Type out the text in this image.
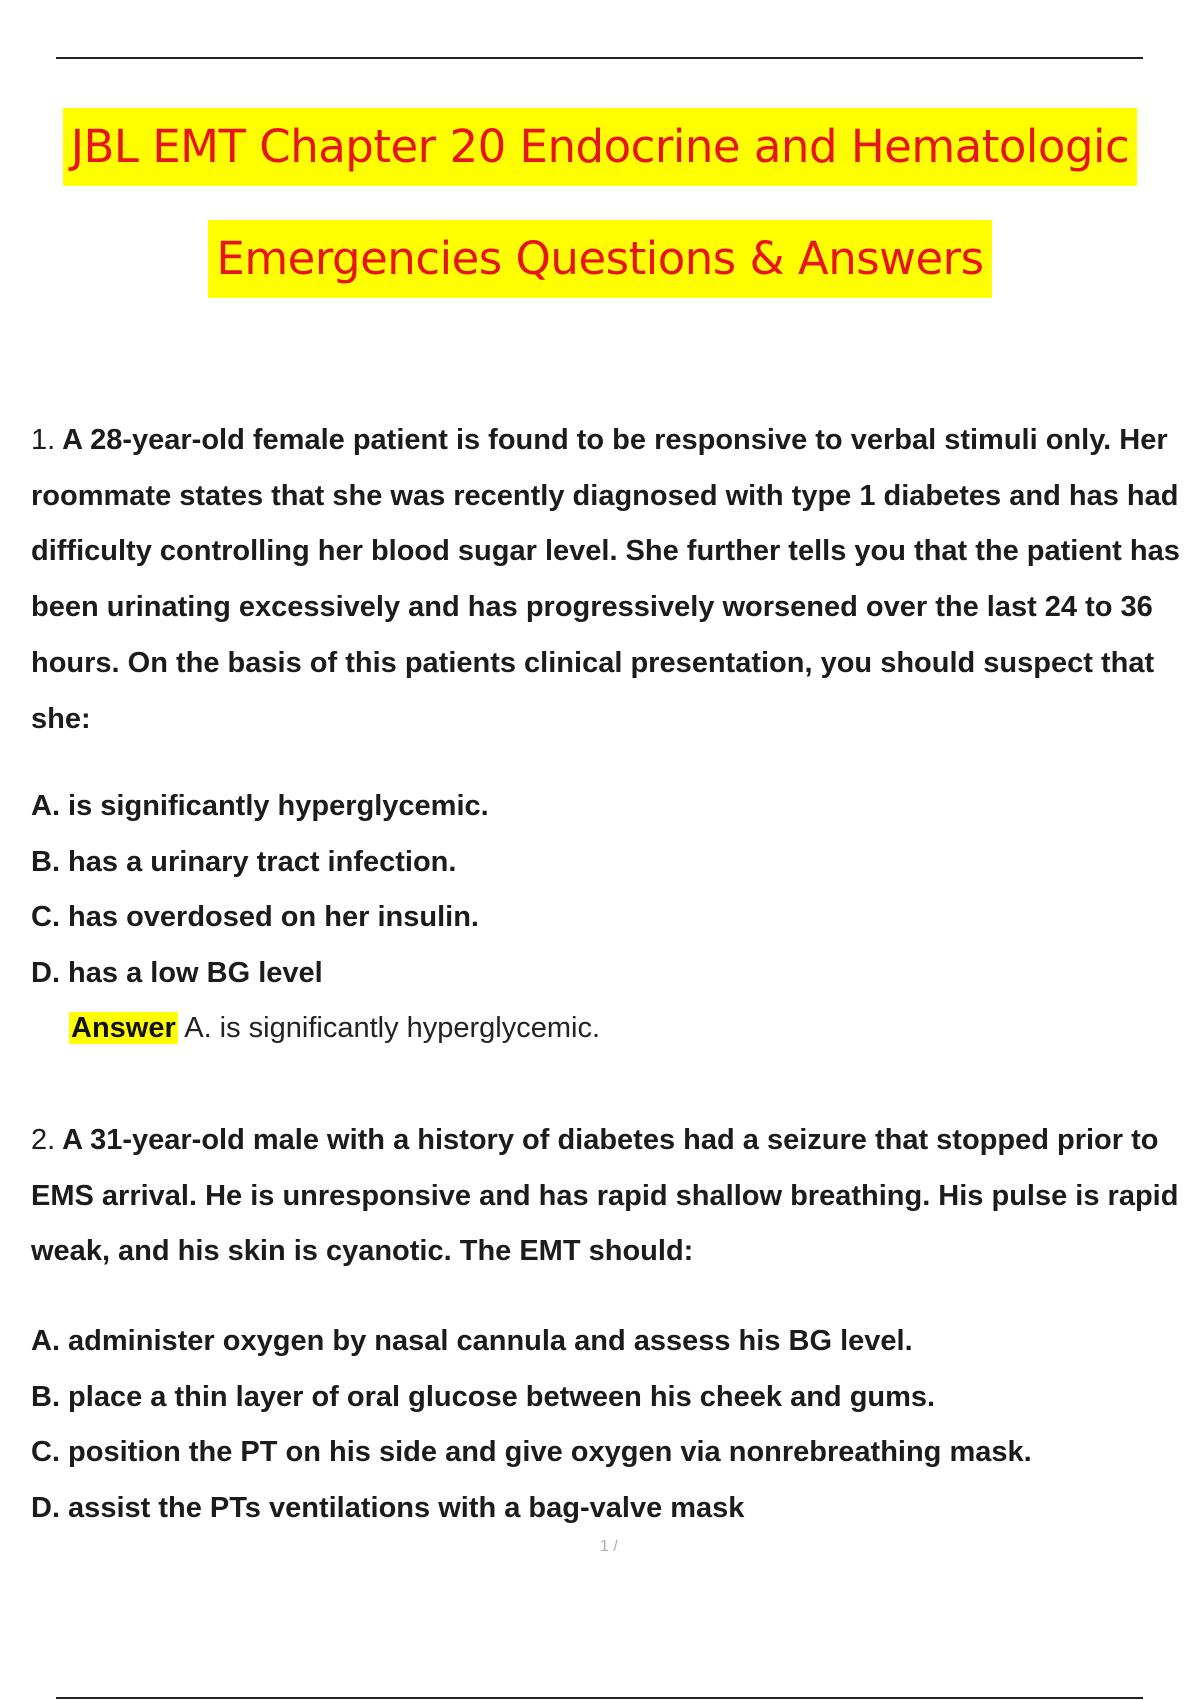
JBL EMT Chapter 20 Endocrine and Hematologic
Emergencies Questions & Answers
1. A 28-year-old female patient is found to be responsive to verbal stimuli only. Her roommate states that she was recently diagnosed with type 1 diabetes and has had difficulty controlling her blood sugar level. She further tells you that the patient has been urinating excessively and has progressively worsened over the last 24 to 36 hours. On the basis of this patients clinical presentation, you should suspect that she:
A. is significantly hyperglycemic.
B. has a urinary tract infection.
C. has overdosed on her insulin.
D. has a low BG level
Answer A. is significantly hyperglycemic.
2. A 31-year-old male with a history of diabetes had a seizure that stopped prior to EMS arrival. He is unresponsive and has rapid shallow breathing. His pulse is rapid weak, and his skin is cyanotic. The EMT should:
A. administer oxygen by nasal cannula and assess his BG level.
B. place a thin layer of oral glucose between his cheek and gums.
C. position the PT on his side and give oxygen via nonrebreathing mask.
D. assist the PTs ventilations with a bag-valve mask
1 /
